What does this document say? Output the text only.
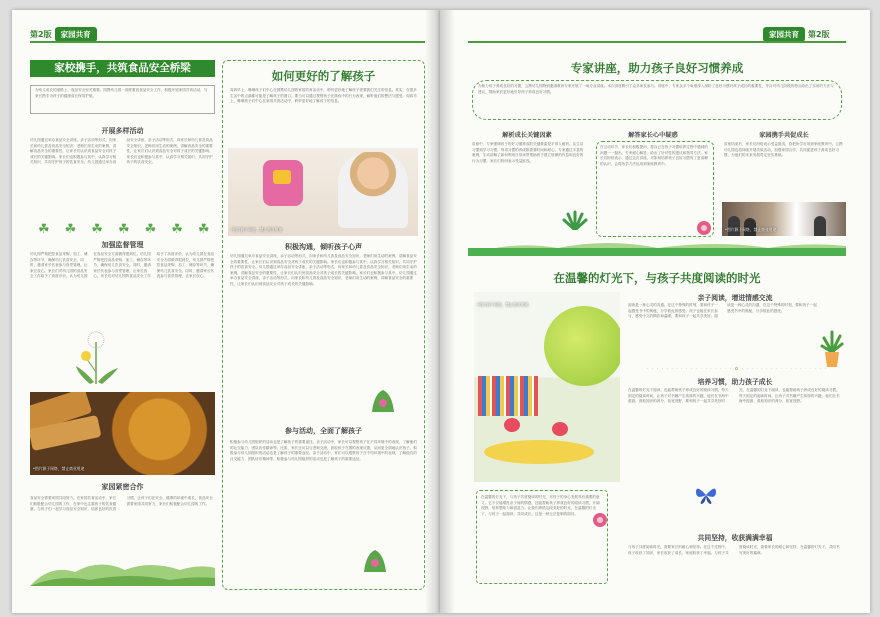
第2版	家园共育	家园共育	第2版
家校携手，共筑食品安全桥梁
为幼儿成长的道路上，食品安全至关重要。园携幼儿园一高度重视食品安全工作，积极开展家园共育活动，与家长携手为孩子的健康成长保驾护航。
开展多样活动
幼儿园通过举办食品安全讲座，亲子活动等形式，向家长和幼儿普及食品安全知识，老师们用生动的案例，讲解食品安全的重要性，让家长们认识到食品安全对孩子成长的关键影响。家长们也积极参与其中，认真学习相关知识，共同守护孩子的饮食安全。幼儿园通过举办食品安全讲座，亲子活动等形式，向家长和幼儿普及食品安全知识，老师们用生动的案例，讲解食品安全的重要性，让家长们认识到食品安全对孩子成长的关键影响。家长们也积极参与其中，认真学习相关知识，共同守护孩子的饮食安全。
☘☘☘☘☘☘☘
加强监督管理
幼儿园严格把控食品采购、加工、储存等环节，确保幼儿饮食安全。同时，邀请家长代表参与食堂管理，让家长放心。家长们对幼儿园的食品安全工作给予了高度评价，认为幼儿园在食品安全方面做得很到位。幼儿园严格把控食品采购、加工、储存等环节，确保幼儿饮食安全。同时，邀请家长代表参与食堂管理，让家长放心。家长们对幼儿园的食品安全工作给予了高度评价，认为幼儿园在食品安全方面做得很到位，幼儿园严格把控食品采购、加工、储存等环节，确保幼儿饮食安全。同时，邀请家长代表参与食堂管理，让家长放心。
*图片源于网络，禁止商业用途
家园紧密合作
食品安全需要家园共同努力。在家园共育活动中，家长们积极配合幼儿园的工作，在家中也注重孩子的饮食健康。与孩子们一起学习食品安全知识，培养良好的饮食习惯，让孩子们在安全、健康的环境中成长。食品安全需要家园共同努力，家长们积极配合幼儿园的工作。
如何更好的了解孩子
周四早上，琳琳孩子们中心在园携幼儿园的家园共育活动中，聆听更好地了解孩子需要我们关注的信息。其实，在很多生活中的点滴都可能是了解孩子的窗口。要当可以通过观察孩子在游戏中的行为表现，倾听他们的想法与感受。周四早上，琳琳孩子们中心在家园共育活动中，聆听更好地了解孩子的信息。
*图片源于网络，禁止商业用途
积极沟通，倾听孩子心声
幼儿园通过举办食品安全讲座，亲子活动等形式，向家长和幼儿普及食品安全知识，老师们用生动的案例，讲解食品安全的重要性，让家长们认识到食品安全对孩子成长的关键影响。家长们也积极参与其中，认真学习相关知识，共同守护孩子的饮食安全。幼儿园通过举办食品安全讲座，亲子活动等形式，向家长和幼儿普及食品安全知识，老师们用生动的案例，讲解食品安全的重要性，让家长们认识到食品安全对孩子成长的关键影响。家长们也积极参与其中。幼儿园通过举办食品安全讲座，亲子活动等形式，向家长和幼儿普及食品安全知识，老师们用生动的案例，讲解食品安全的重要性，让家长们认识到食品安全对孩子成长的关键影响。
参与活动，全面了解孩子
积极参与幼儿园组织的活动也是了解孩子的重要途径。亲子活动中，家长可以观察孩子在不同环境中的表现，了解他们的社交能力、团队协作精神等。比如，家长还可以与老师交流，获取孩子在园的表现反馈，从而更全面地认识孩子。积极参与幼儿园组织的活动也是了解孩子的重要途径。亲子活动中，家长可以观察孩子在不同环境中的表现，了解他们的社交能力、团队协作精神等。积极参与幼儿园组织的活动也是了解孩子的重要途径。
专家讲座，助力孩子良好习惯养成
为助力孩子养成良好的习惯，云携幼儿园特别邀请教育专家开展了一场专业讲座。本次讲座吸引了众多家长参与。讲座中，专家从多个角度深入剖析了良好习惯对孩子成长的重要性，并针对幼儿阶段的特点给出了实用的方法与建议，帮助家长更好地引导孩子养成良好习惯。
解析成长关键因素
讲座中，专家强调孩子的好习惯养成的关键要素是平常入耐析。从生活习惯到学习习惯，每项习惯的养成都需要时间和耐心。专家通过丰富的案例，生动讲解了如何利用日常场景帮助孩子建立规律的作息和良好的行为习惯，家长们纷纷表示受益匪浅。
解答家长心中疑惑
在互动环节，家长们积极提问，将自己在孩子习惯培养过程中遇到的问题一一抛出。专家耐心解答，给出了针对性的建议和指导方法。家长们纷纷表示，通过这次讲座，对如何培养孩子良好习惯有了更清晰的认识，会将所学方法运用到家庭教育中。
家园携手共促成长
讲座结束后，家长们纷纷表示受益匪浅，将把所学应用到家庭教育中。云携幼儿园也将持续开展类似活动，加强家园合作，共同促进孩子养成良好习惯，为他们的未来发展奠定坚实基础。
*图片源于网络，禁止商业用途
在温馨的灯光下，与孩子共度阅读的时光
*图片源于网络，禁止商业用途
亲子阅读，增进情感交流
阅读是一种心灵的沟通。在这个特殊的时刻，要和孩子一起感受书中的奥秘，分享彼此的感受。孩子也能在家长参与，感受中文的精彩和温暖，要和孩子一起共享美好。阅读是一种心灵的沟通，在这个特殊的时刻，要和孩子一起感受书中的奥秘，分享彼此的感受。
· · · · · · · · · · · · · · · · · · ✿ · · · · · · · · · · · · · · · · · ·
培养习惯，助力孩子成长
在温馨的灯光下阅读，也能帮助孩子养成良好的阅读习惯。每天固定的阅读时间，让孩子对书籍产生浓厚的兴趣，他们在书海中遨游，汲取知识的养分，拓宽视野，要和孩子一起共享美好时光，在温馨的灯光下阅读，也能帮助孩子养成良好的阅读习惯。每天固定的阅读时间，让孩子对书籍产生浓厚的兴趣，他们在书海中遨游，汲取知识的养分，拓宽视野。
在温馨的灯光下，与孩子共度阅读的时光，对孩子的身心发展具有重要的意义。它不仅能增进亲子间的情感，还能帮助孩子养成良好的阅读习惯，开阔视野，培养想象力和创造力。让我们珍惜这段美好的时光，在温馨的灯光下，与孩子一起阅读，共同成长。这是一种无法复制的陪伴。
共同坚持，收获满满幸福
与孩子共度阅读时光，需要家长的耐心和坚持。在这个过程中，孩子收获了知识，家长收获了成长，家庭收获了幸福。与孩子共度阅读时光，需要家长的耐心和坚持，在温馨的灯光下，共同书写美好的篇章。
